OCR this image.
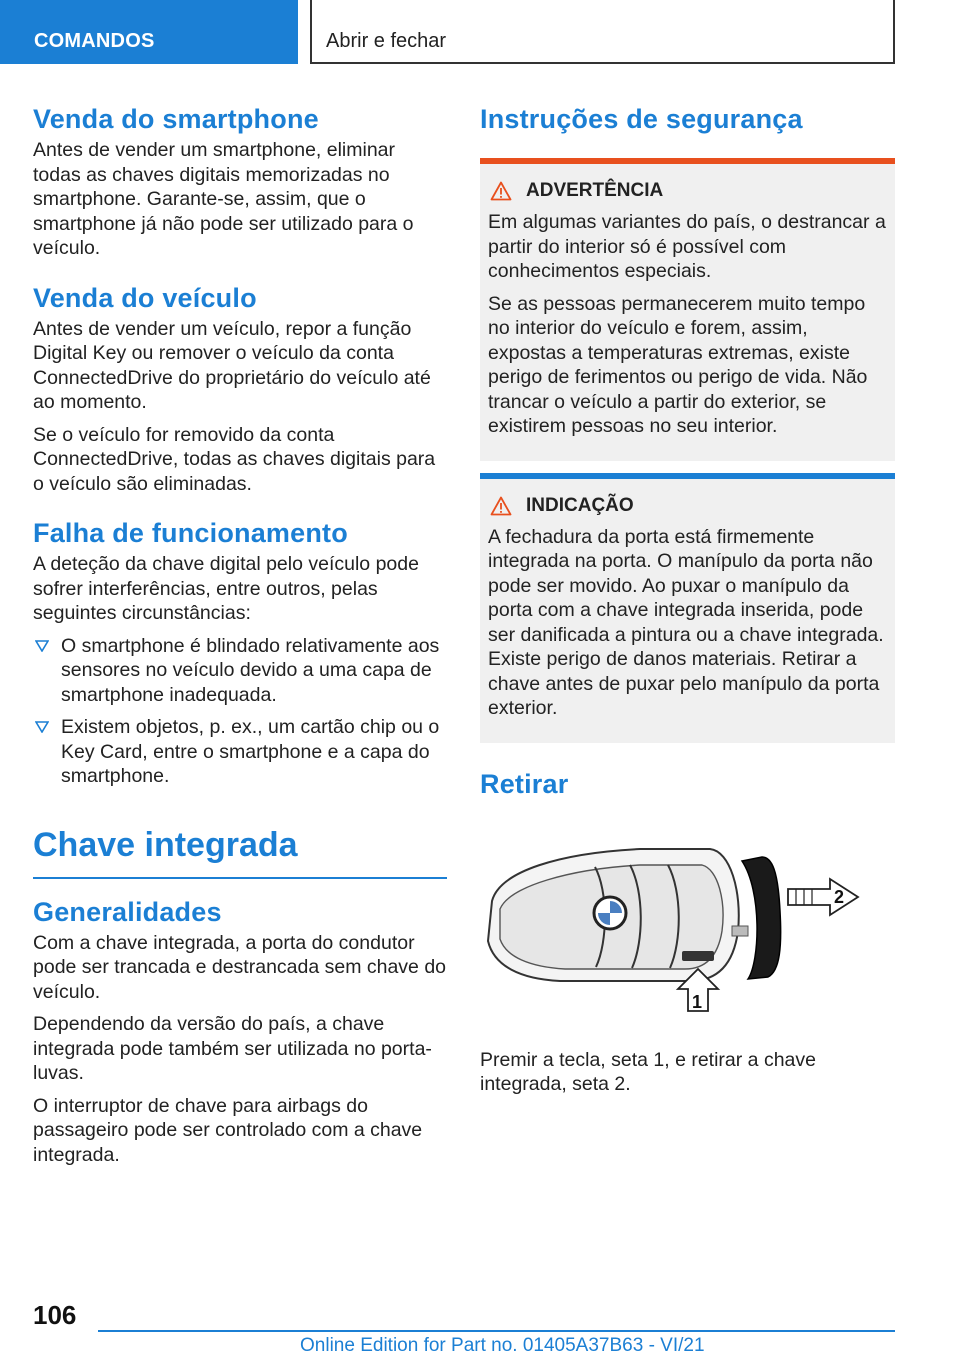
COMANDOS	Abrir e fechar
Venda do smartphone

Antes de vender um smartphone, eliminar todas as chaves digitais memorizadas no smartphone. Garante-se, assim, que o smartphone já não pode ser utilizado para o veículo.

Venda do veículo

Antes de vender um veículo, repor a função Digital Key ou remover o veículo da conta ConnectedDrive do proprietário do veículo até ao momento.

Se o veículo for removido da conta ConnectedDrive, todas as chaves digitais para o veículo são eliminadas.

Falha de funcionamento

A deteção da chave digital pelo veículo pode sofrer interferências, entre outros, pelas seguintes circunstâncias:

O smartphone é blindado relativamente aos sensores no veículo devido a uma capa de smartphone inadequada.
Existem objetos, p. ex., um cartão chip ou o Key Card, entre o smartphone e a capa do smartphone.
Chave integrada
Generalidades

Com a chave integrada, a porta do condutor pode ser trancada e destrancada sem chave do veículo.

Dependendo da versão do país, a chave integrada pode também ser utilizada no porta-luvas.

O interruptor de chave para airbags do passageiro pode ser controlado com a chave integrada.

Instruções de segurança
ADVERTÊNCIA

Em algumas variantes do país, o destrancar a partir do interior só é possível com conhecimentos especiais.

Se as pessoas permanecerem muito tempo no interior do veículo e forem, assim, expostas a temperaturas extremas, existe perigo de ferimentos ou perigo de vida. Não trancar o veículo a partir do exterior, se existirem pessoas no seu interior.

INDICAÇÃO

A fechadura da porta está firmemente integrada na porta. O manípulo da porta não pode ser movido. Ao puxar o manípulo da porta com a chave integrada inserida, pode ser danificada a pintura ou a chave integrada. Existe perigo de danos materiais. Retirar a chave antes de puxar pelo manípulo da porta exterior.

Retirar
2
1

Premir a tecla, seta 1, e retirar a chave integrada, seta 2.

106
Online Edition for Part no. 01405A37B63 - VI/21
